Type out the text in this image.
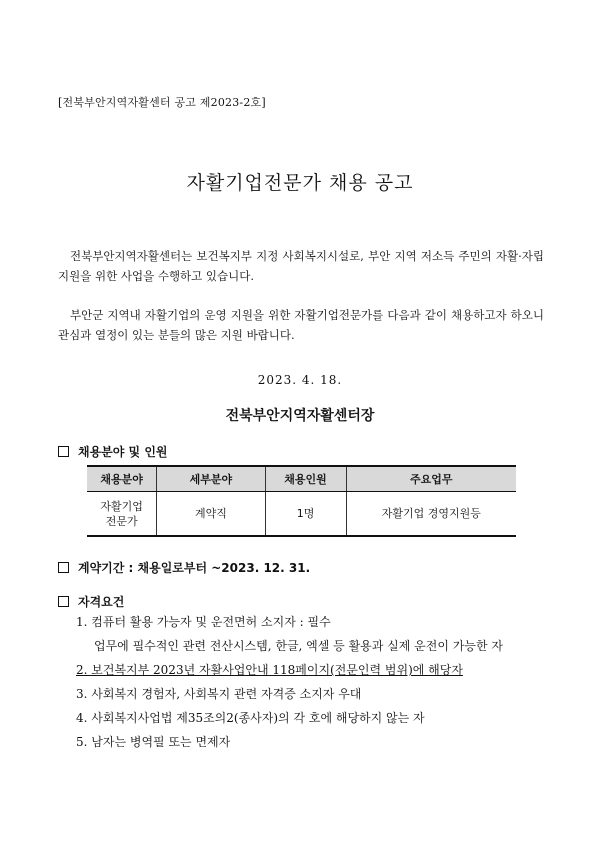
[전북부안지역자활센터 공고 제2023-2호]
자활기업전문가 채용 공고
전북부안지역자활센터는 보건복지부 지정 사회복지시설로, 부안 지역 저소득 주민의 자활·자립 지원을 위한 사업을 수행하고 있습니다.
부안군 지역내 자활기업의 운영 지원을 위한 자활기업전문가를 다음과 같이 채용하고자 하오니 관심과 열정이 있는 분들의 많은 지원 바랍니다.
2023. 4. 18.
전북부안지역자활센터장
채용분야 및 인원
채용분야	세부분야	채용인원	주요업무

자활기업
전문가	계약직	1명	자활기업 경영지원등
계약기간 : 채용일로부터 ~2023. 12. 31.
자격요건
1. 컴퓨터 활용 가능자 및 운전면허 소지자 : 필수
업무에 필수적인 관련 전산시스템, 한글, 엑셀 등 활용과 실제 운전이 가능한 자
2. 보건복지부 2023년 자활사업안내 118페이지(전문인력 범위)에 해당자
3. 사회복지 경험자, 사회복지 관련 자격증 소지자 우대
4. 사회복지사업법 제35조의2(종사자)의 각 호에 해당하지 않는 자
5. 남자는 병역필 또는 면제자
